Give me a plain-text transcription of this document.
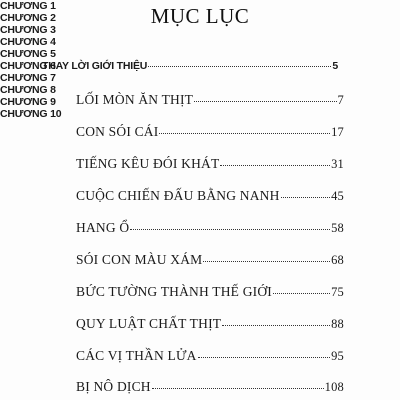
MỤC LỤC
THAY LỜI GIỚI THIỆU	5
CHƯƠNG 1
LỐI MÒN ĂN THỊT	7
CHƯƠNG 2
CON SÓI CÁI	17
CHƯƠNG 3
TIẾNG KÊU ĐÓI KHÁT	31
CHƯƠNG 4
CUỘC CHIẾN ĐẤU BẰNG NANH	45
CHƯƠNG 5
HANG Ổ	58
CHƯƠNG 6
SÓI CON MÀU XÁM	68
CHƯƠNG 7
BỨC TƯỜNG THÀNH THẾ GIỚI	75
CHƯƠNG 8
QUY LUẬT CHẤT THỊT	88
CHƯƠNG 9
CÁC VỊ THẦN LỬA	95
CHƯƠNG 10
BỊ NÔ DỊCH	108
